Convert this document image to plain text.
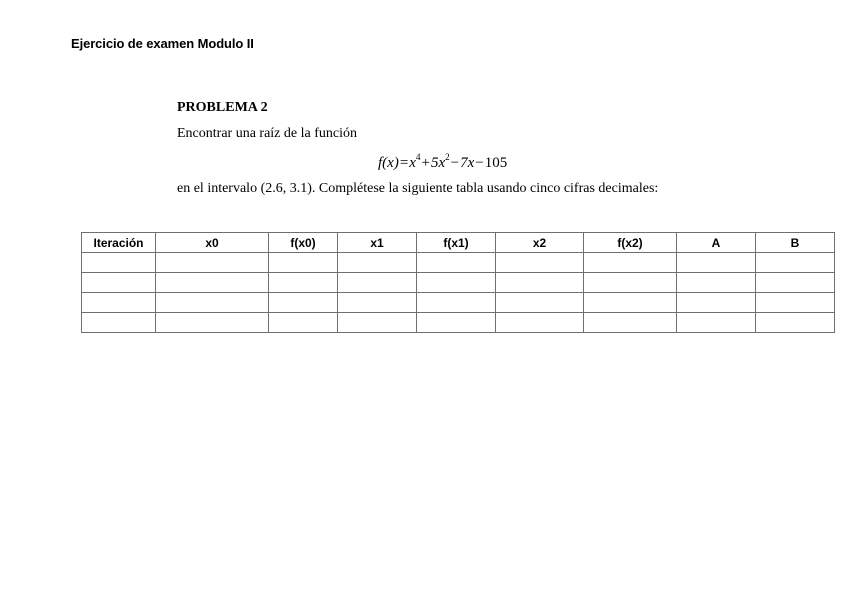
Ejercicio de examen Modulo II

PROBLEMA 2

Encontrar una raíz de la función

$f(x)=x^4+5x^2-7x-105$

en el intervalo (2.6, 3.1). Complétese la siguiente tabla usando cinco cifras decimales:

Iteración	x0	f(x0)	x1	f(x1)	x2	f(x2)	A	B
